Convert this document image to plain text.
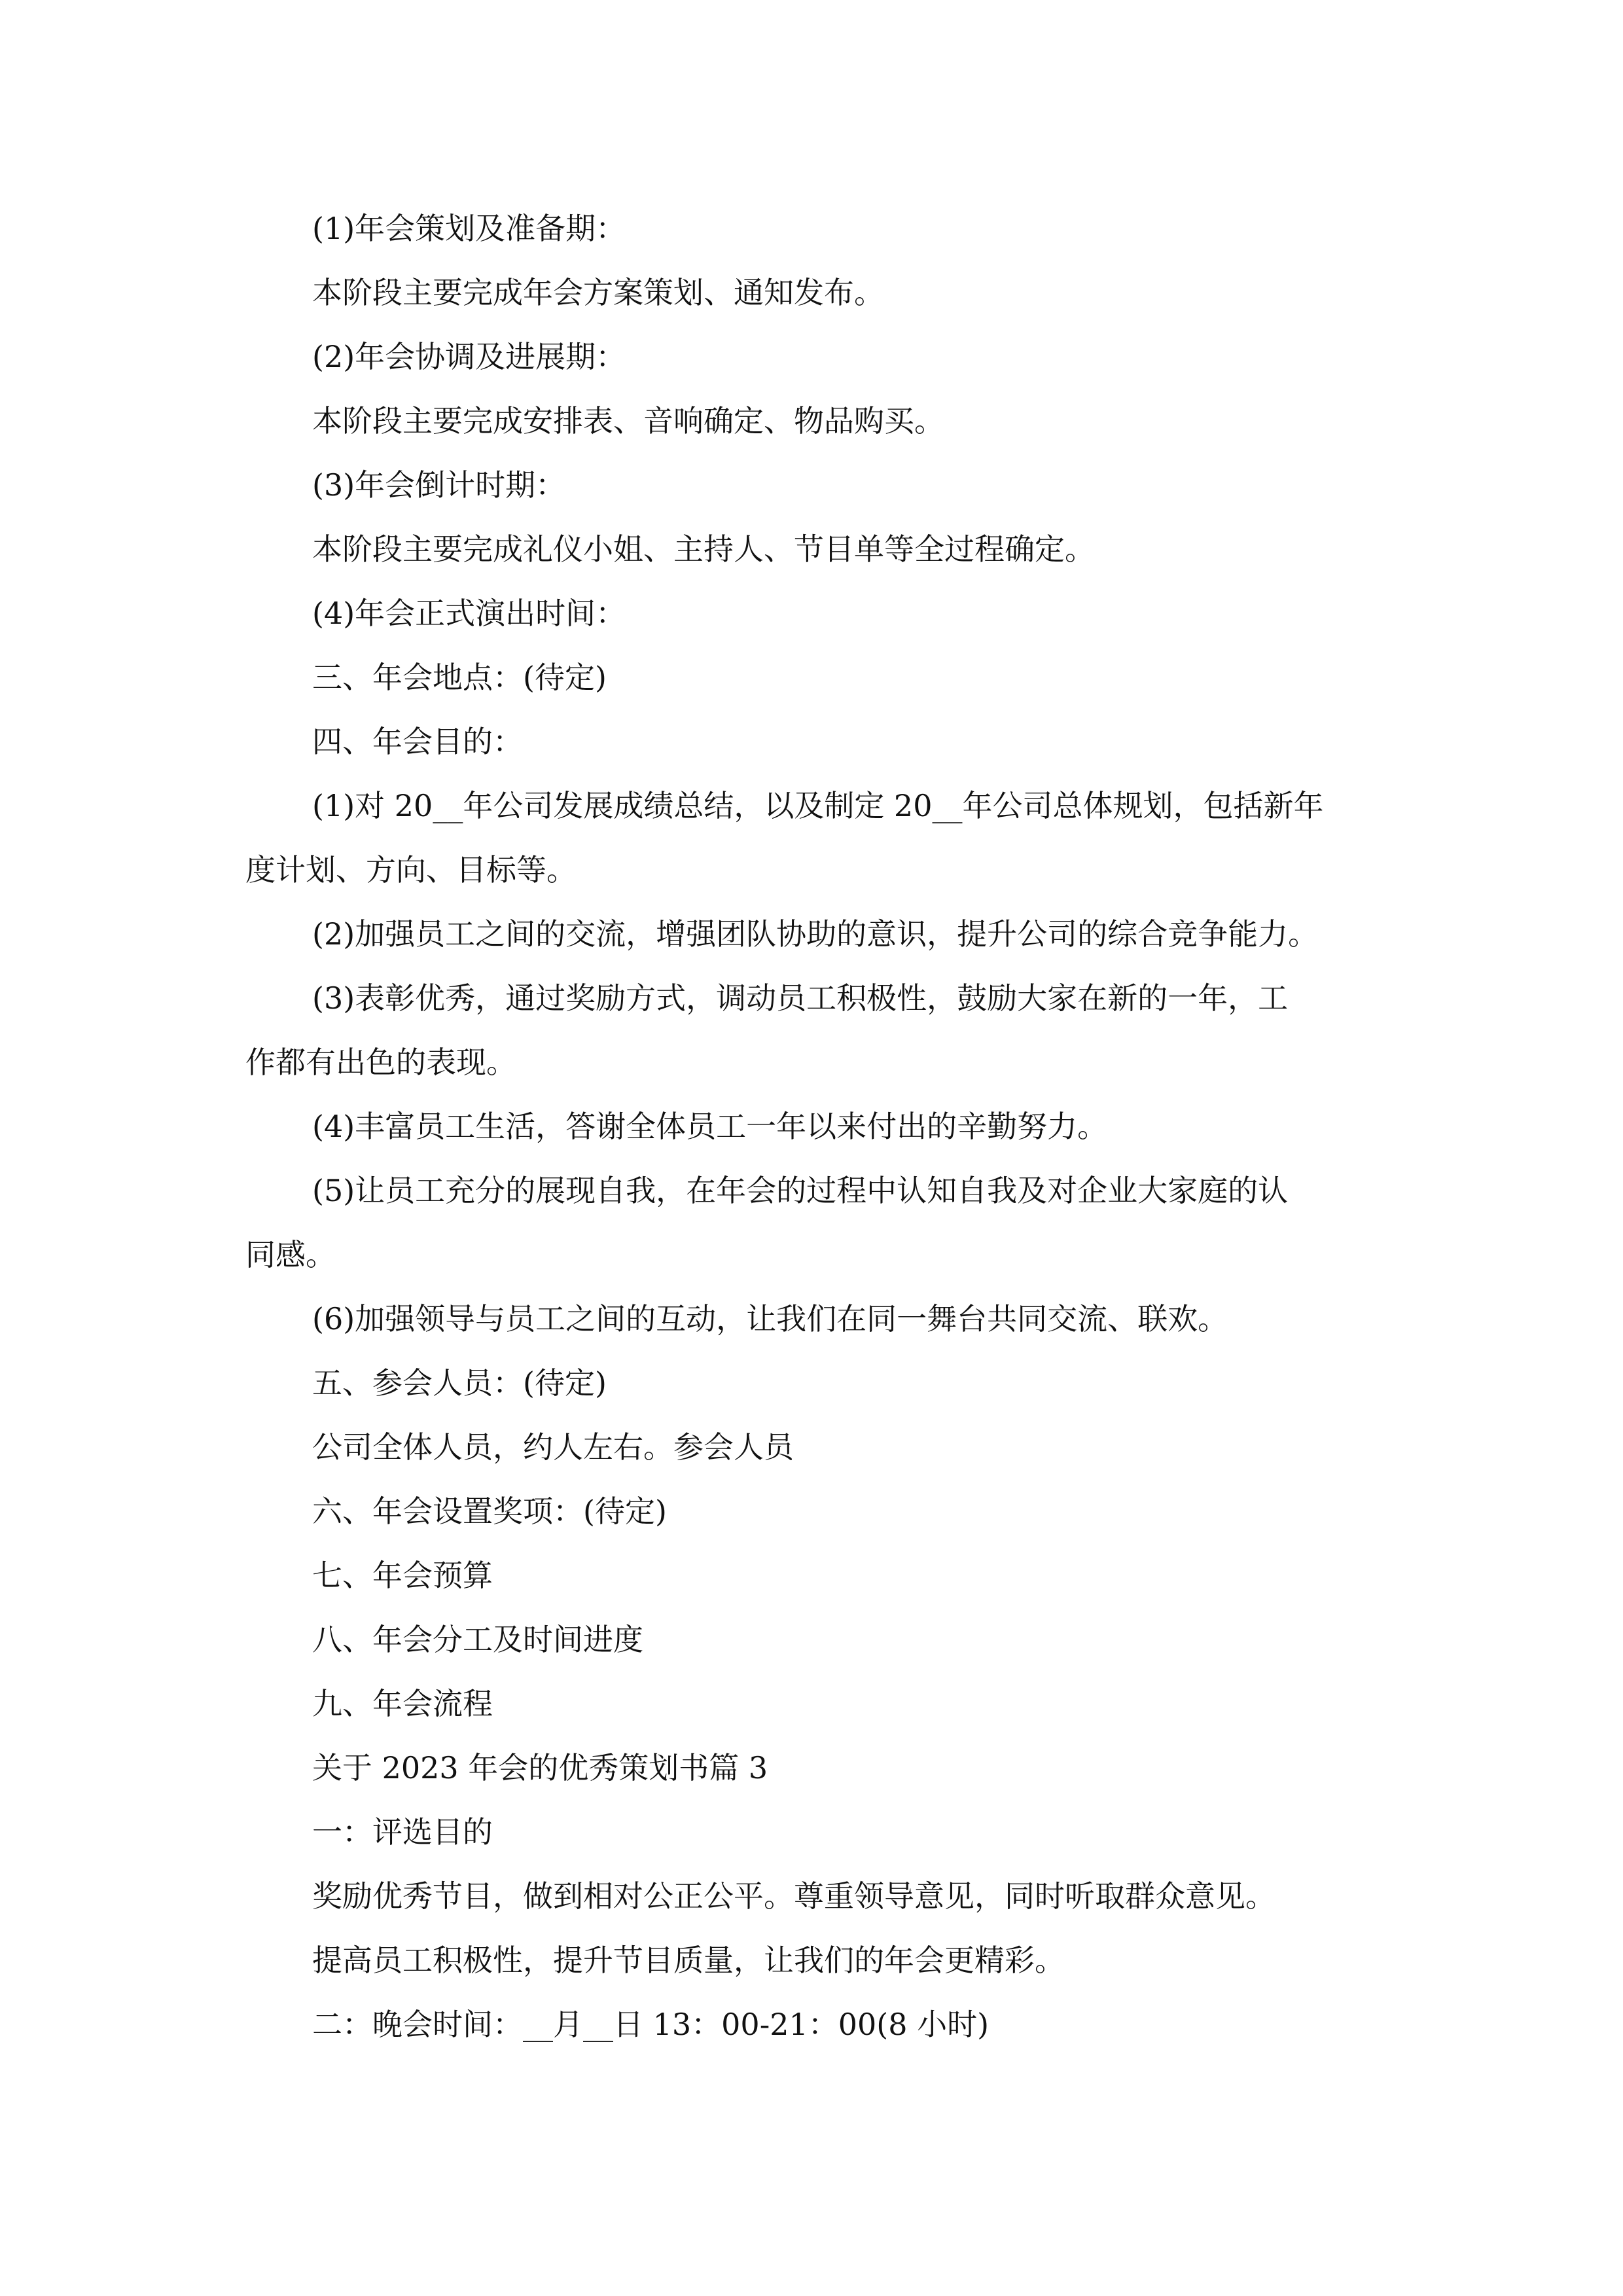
(1)年会策划及准备期：

本阶段主要完成年会方案策划、通知发布。

(2)年会协调及进展期：

本阶段主要完成安排表、音响确定、物品购买。

(3)年会倒计时期：

本阶段主要完成礼仪小姐、主持人、节目单等全过程确定。

(4)年会正式演出时间：

三、年会地点：(待定)

四、年会目的：

(1)对 20__年公司发展成绩总结，以及制定 20__年公司总体规划，包括新年

度计划、方向、目标等。

(2)加强员工之间的交流，增强团队协助的意识，提升公司的综合竞争能力。

(3)表彰优秀，通过奖励方式，调动员工积极性，鼓励大家在新的一年，工

作都有出色的表现。

(4)丰富员工生活，答谢全体员工一年以来付出的辛勤努力。

(5)让员工充分的展现自我，在年会的过程中认知自我及对企业大家庭的认

同感。

(6)加强领导与员工之间的互动，让我们在同一舞台共同交流、联欢。

五、参会人员：(待定)

公司全体人员，约人左右。参会人员

六、年会设置奖项：(待定)

七、年会预算

八、年会分工及时间进度

九、年会流程

关于 2023 年会的优秀策划书篇 3

一：评选目的

奖励优秀节目，做到相对公正公平。尊重领导意见，同时听取群众意见。

提高员工积极性，提升节目质量，让我们的年会更精彩。

二：晚会时间：__月__日 13：00-21：00(8 小时)
